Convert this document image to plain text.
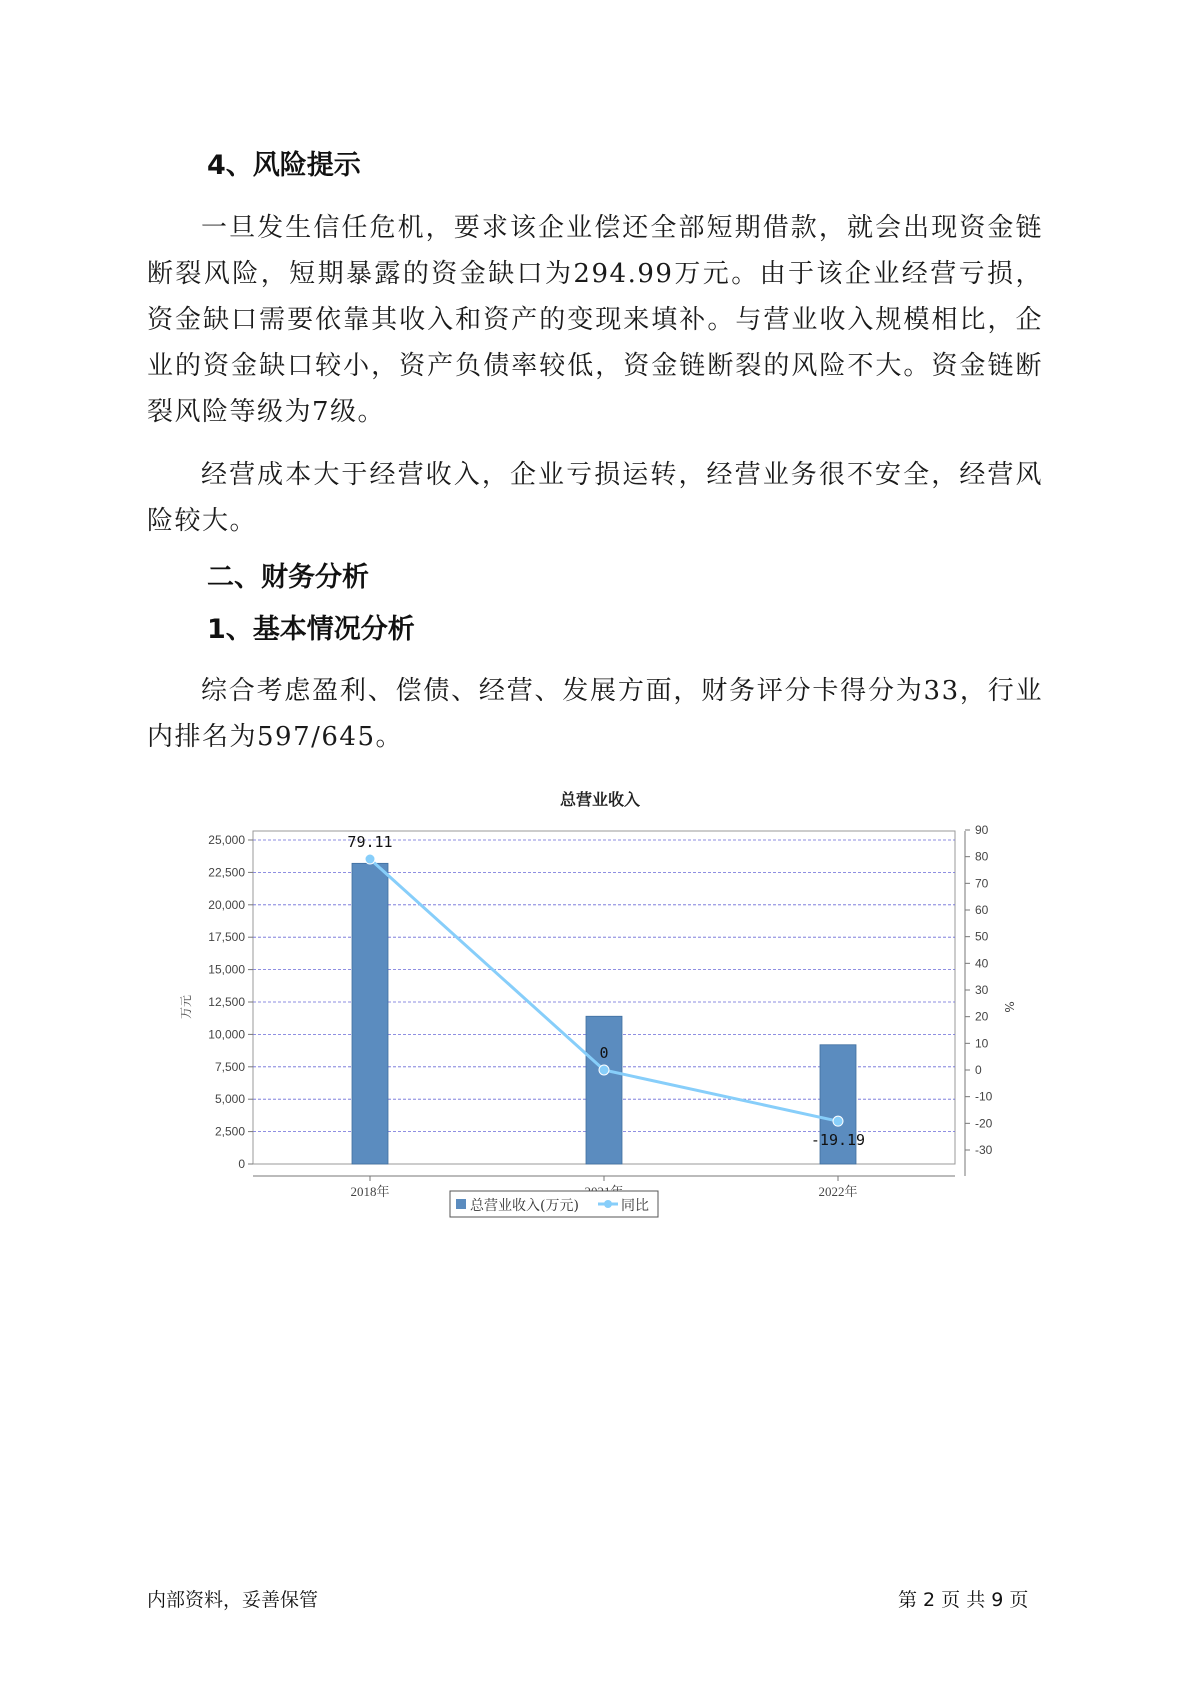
4、风险提示

一旦发生信任危机，要求该企业偿还全部短期借款，就会出现资金链断裂风险，短期暴露的资金缺口为294.99万元。由于该企业经营亏损，资金缺口需要依靠其收入和资产的变现来填补。与营业收入规模相比，企业的资金缺口较小，资产负债率较低，资金链断裂的风险不大。资金链断裂风险等级为7级。

经营成本大于经营收入，企业亏损运转，经营业务很不安全，经营风险较大。

二、财务分析
1、基本情况分析

综合考虑盈利、偿债、经营、发展方面，财务评分卡得分为33，行业内排名为597/645。

总营业收入
0
2,500
5,000
7,500
10,000
12,500
15,000
17,500
20,000
22,500
25,000
-30
-20
-10
0
10
20
30
40
50
60
70
80
90
万元	%
2018年	2022年
79.11
0
-19.19
总营业收入(万元)	同比
内部资料，妥善保管	第 2 页 共 9 页
